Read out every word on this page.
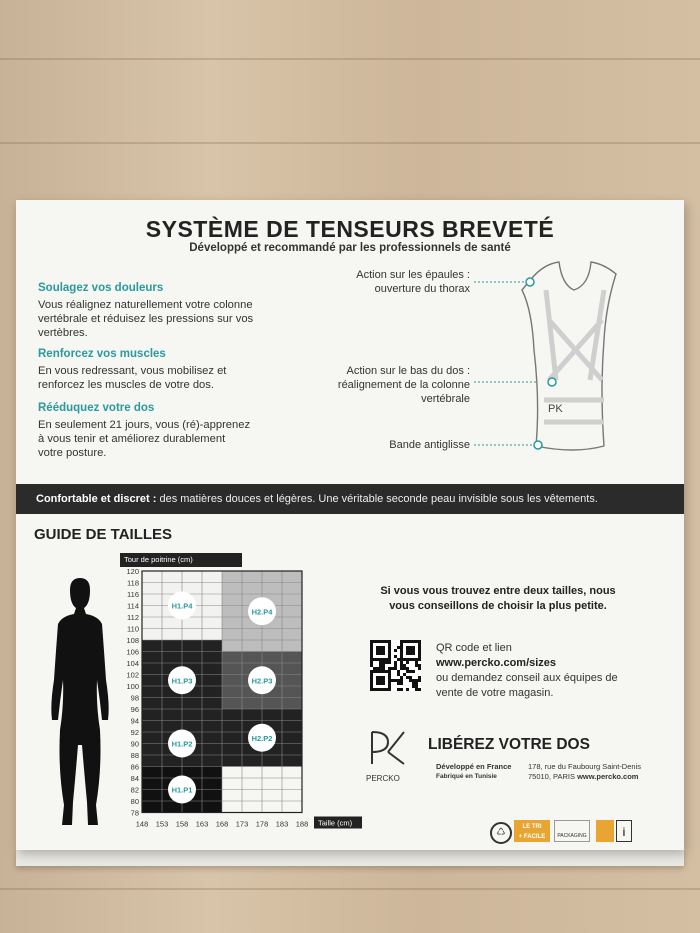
SYSTÈME DE TENSEURS BREVETÉ
Développé et recommandé par les professionnels de santé
Soulagez vos douleurs
Vous réalignez naturellement votre colonne
vertébrale et réduisez les pressions sur vos
vertèbres.
Renforcez vos muscles
En vous redressant, vous mobilisez et
renforcez les muscles de votre dos.
Rééduquez votre dos
En seulement 21 jours, vous (ré)-apprenez
à vous tenir et améliorez durablement
votre posture.
Action sur les épaules :
ouverture du thorax
Action sur le bas du dos :
réalignement de la colonne
vertébrale
Bande antiglisse
PK
Confortable et discret : des matières douces et légères. Une véritable seconde peau invisible sous les vêtements.
GUIDE DE TAILLES
Tour de poitrine (cm)
H1.P4
H2.P4
H1.P3	H2.P3
H1.P2
H2.P2
H1.P1
120
118
116
114
112
110
108
106
104
102
100
98
96
94
92
90
88
86
84
82
80
78
148 153 158 163 168 173 178 183 188 Taille (cm)
Si vous vous trouvez entre deux tailles, nous
vous conseillons de choisir la plus petite.
QR code et lien
www.percko.com/sizes
ou demandez conseil aux équipes de
vente de votre magasin.
PERCKO
LIBÉREZ VOTRE DOS
Développé en France
Fabriqué en Tunisie
178, rue du Faubourg Saint-Denis
75010, PARIS www.percko.com
♺	LE TRI
+ FACILE	PACKAGING	i
